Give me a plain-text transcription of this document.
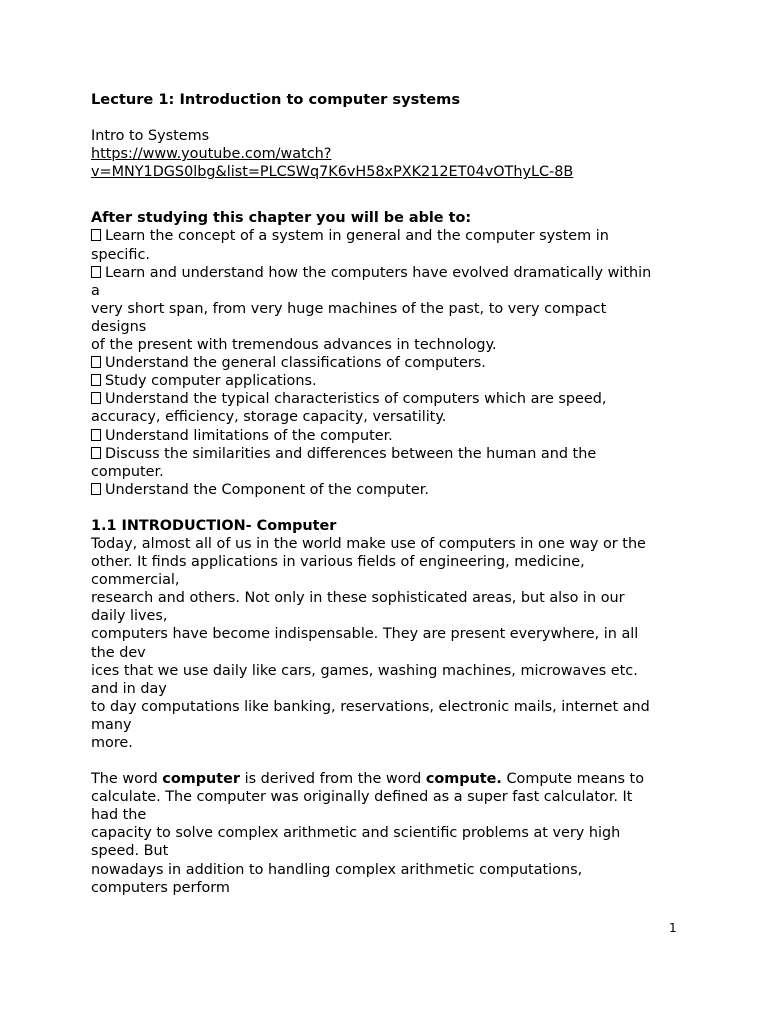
Lecture 1: Introduction to computer systems
Intro to Systems
https://www.youtube.com/watch?
v=MNY1DGS0lbg&list=PLCSWq7K6vH58xPXK212ET04vOThyLC-8B
After studying this chapter you will be able to:
Learn the concept of a system in general and the computer system in
specific.
Learn and understand how the computers have evolved dramatically within
a
very short span, from very huge machines of the past, to very compact
designs
of the present with tremendous advances in technology.
Understand the general classifications of computers.
Study computer applications.
Understand the typical characteristics of computers which are speed,
accuracy, efficiency, storage capacity, versatility.
Understand limitations of the computer.
Discuss the similarities and differences between the human and the
computer.
Understand the Component of the computer.
1.1 INTRODUCTION- Computer
Today, almost all of us in the world make use of computers in one way or the
other. It finds applications in various fields of engineering, medicine,
commercial,
research and others. Not only in these sophisticated areas, but also in our
daily lives,
computers have become indispensable. They are present everywhere, in all
the dev
ices that we use daily like cars, games, washing machines, microwaves etc.
and in day
to day computations like banking, reservations, electronic mails, internet and
many
more.
The word computer is derived from the word compute. Compute means to
calculate. The computer was originally defined as a super fast calculator. It
had the
capacity to solve complex arithmetic and scientific problems at very high
speed. But
nowadays in addition to handling complex arithmetic computations,
computers perform
1
